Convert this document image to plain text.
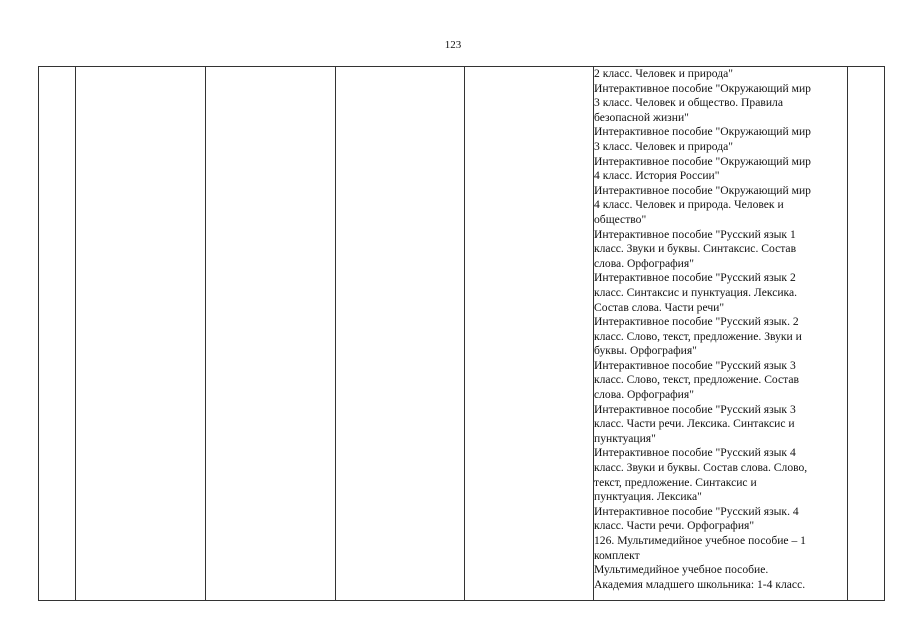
123

2 класс. Человек и природа"
Интерактивное пособие "Окружающий мир
3 класс. Человек и общество. Правила
безопасной жизни"
Интерактивное пособие "Окружающий мир
3 класс. Человек и природа"
Интерактивное пособие "Окружающий мир
4 класс. История России"
Интерактивное пособие "Окружающий мир
4 класс. Человек и природа. Человек и
общество"
Интерактивное пособие "Русский язык 1
класс. Звуки и буквы. Синтаксис. Состав
слова. Орфография"
Интерактивное пособие "Русский язык 2
класс. Синтаксис и пунктуация. Лексика.
Состав слова. Части речи"
Интерактивное пособие "Русский язык. 2
класс. Слово, текст, предложение. Звуки и
буквы. Орфография"
Интерактивное пособие "Русский язык 3
класс. Слово, текст, предложение. Состав
слова. Орфография"
Интерактивное пособие "Русский язык 3
класс. Части речи. Лексика. Синтаксис и
пунктуация"
Интерактивное пособие "Русский язык 4
класс. Звуки и буквы. Состав слова. Слово,
текст, предложение. Синтаксис и
пунктуация. Лексика"
Интерактивное пособие "Русский язык. 4
класс. Части речи. Орфография"
126. Мультимедийное учебное пособие – 1
комплект
Мультимедийное учебное пособие.
Академия младшего школьника: 1-4 класс.
